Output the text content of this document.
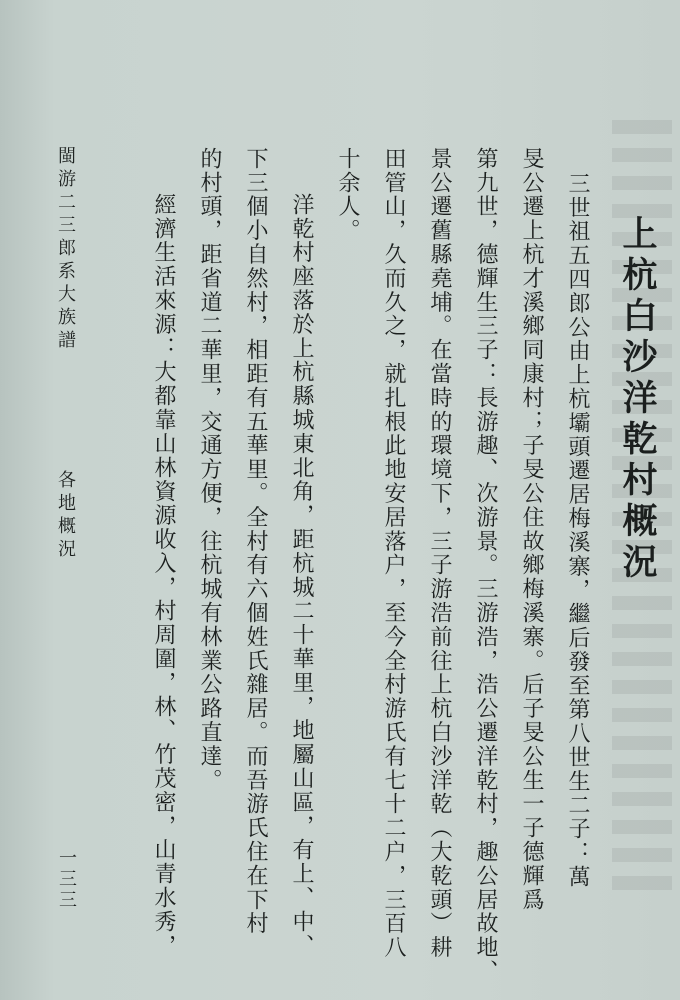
上杭白沙洋乾村概況
三世祖五四郎公由上杭壩頭遷居梅溪寨，繼后發至第八世生二子：萬
旻公遷上杭才溪鄉同康村；子旻公住故鄉梅溪寨。后子旻公生一子德輝爲
第九世，德輝生三子：長游趣、次游景。三游浩，浩公遷洋乾村，趣公居故地、
景公遷舊縣堯埔。在當時的環境下，三子游浩前往上杭白沙洋乾（大乾頭）耕
田管山，久而久之，就扎根此地安居落户，至今全村游氏有七十二户，三百八
十余人。
洋乾村座落於上杭縣城東北角，距杭城二十華里，地屬山區，有上、中、
下三個小自然村，相距有五華里。全村有六個姓氏雜居。而吾游氏住在下村
的村頭，距省道二華里，交通方便，往杭城有林業公路直達。
經濟生活來源：大都靠山林資源收入，村周圍，林、竹茂密，山青水秀，
閩游二三郎系大族譜
各地概況
一三三
